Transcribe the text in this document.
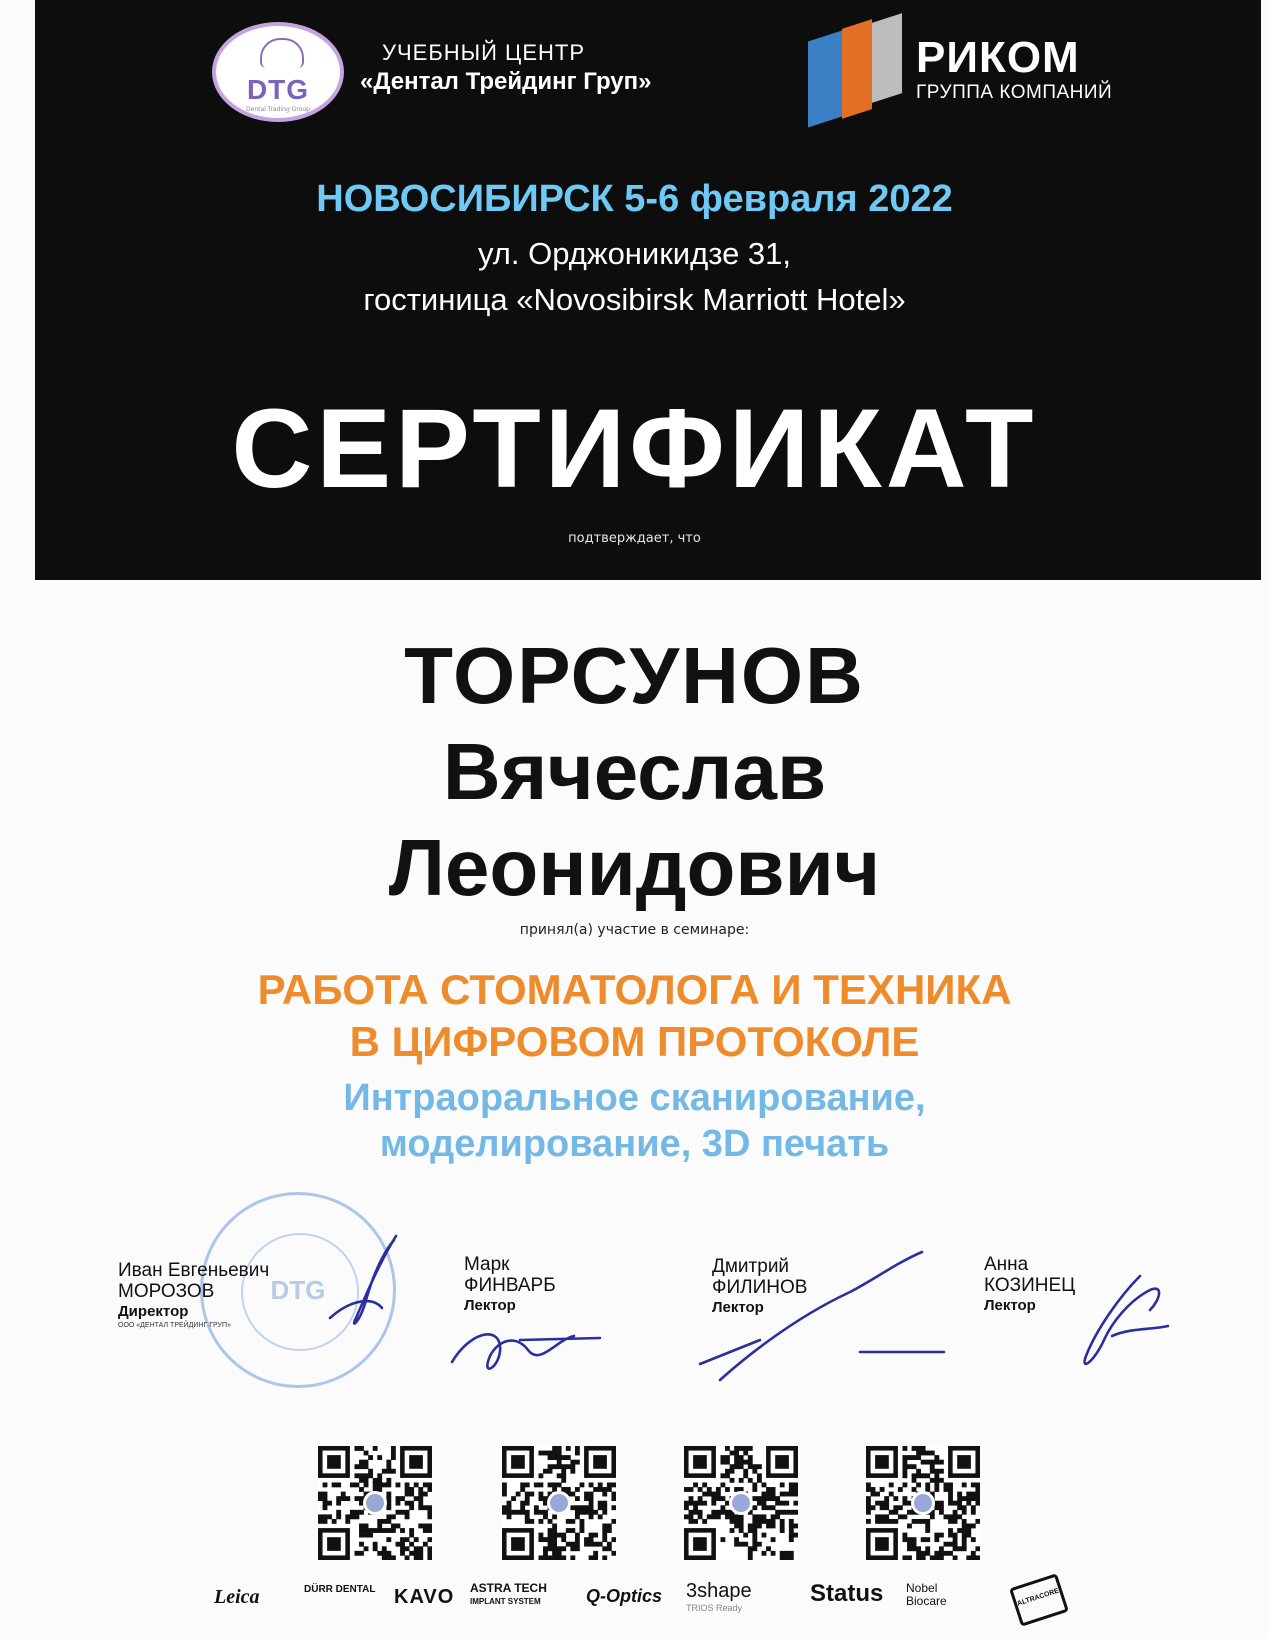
DTG
Dental Trading Group
УЧЕБНЫЙ ЦЕНТР
«Дентал Трейдинг Груп»	РИКОМ
ГРУППА КОМПАНИЙ
НОВОСИБИРСК 5-6 февраля 2022
ул. Орджоникидзе 31,
гостиница «Novosibirsk Marriott Hotel»
СЕРТИФИКАТ
подтверждает, что
ТОРСУНОВ
Вячеслав
Леонидович
принял(а) участие в семинаре:
РАБОТА СТОМАТОЛОГА И ТЕХНИКА
В ЦИФРОВОМ ПРОТОКОЛЕ
Интраоральное сканирование,
моделирование, 3D печать
DTG
Иван Евгеньевич
МОРОЗОВ
Директор
ООО «ДЕНТАЛ ТРЕЙДИНГ ГРУП»
Марк
ФИНВАРБ
Лектор
Дмитрий
ФИЛИНОВ
Лектор
Анна
КОЗИНЕЦ
Лектор
Leica	DÜRR DENTAL KAVO ASTRA TECH
IMPLANT SYSTEM	Q-Optics 3shape
TRIOS Ready
Status Nobel
Biocare	ALTRACORE
